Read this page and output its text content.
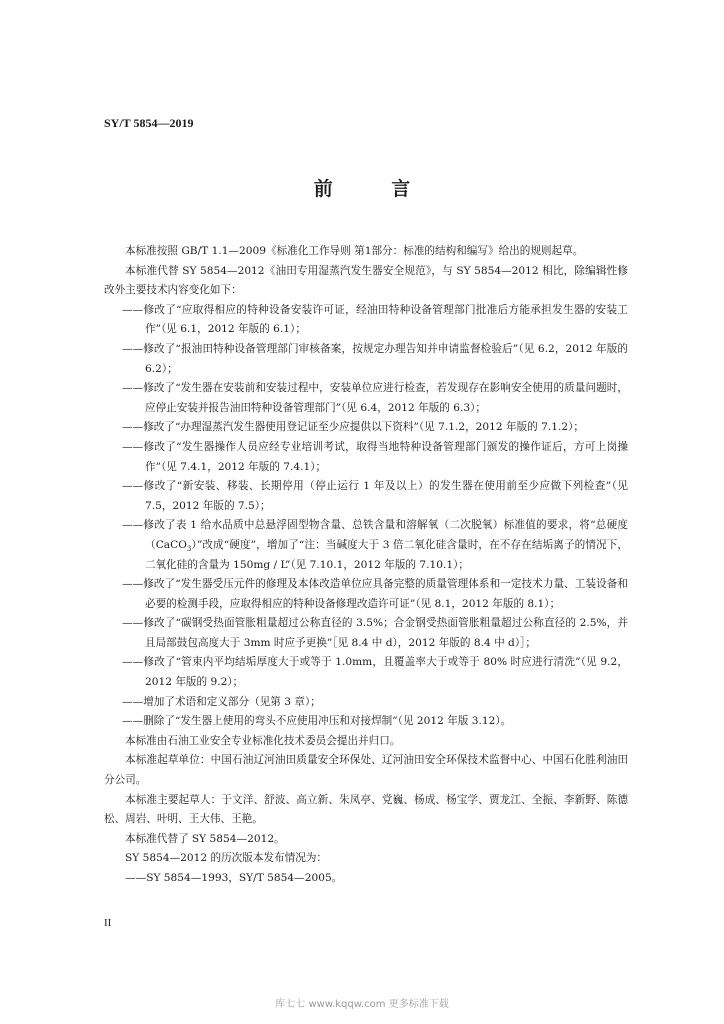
SY/T 5854—2019
前 言

本标准按照 GB/T 1.1—2009《标准化工作导则 第1部分：标准的结构和编写》给出的规则起草。

本标准代替 SY 5854—2012《油田专用湿蒸汽发生器安全规范》，与 SY 5854—2012 相比，除编辑性修改外主要技术内容变化如下：

——修改了“应取得相应的特种设备安装许可证，经油田特种设备管理部门批准后方能承担发生器的安装工作”（见 6.1，2012 年版的 6.1）；

——修改了“报油田特种设备管理部门审核备案，按规定办理告知并申请监督检验后”（见 6.2，2012 年版的 6.2）；

——修改了“发生器在安装前和安装过程中，安装单位应进行检查，若发现存在影响安全使用的质量问题时，应停止安装并报告油田特种设备管理部门”（见 6.4，2012 年版的 6.3）；

——修改了“办理湿蒸汽发生器使用登记证至少应提供以下资料”（见 7.1.2，2012 年版的 7.1.2）；

——修改了“发生器操作人员应经专业培训考试，取得当地特种设备管理部门颁发的操作证后，方可上岗操作”（见 7.4.1，2012 年版的 7.4.1）；

——修改了“新安装、移装、长期停用（停止运行 1 年及以上）的发生器在使用前至少应做下列检查”（见 7.5，2012 年版的 7.5）；

——修改了表 1 给水品质中总悬浮固型物含量、总铁含量和溶解氧（二次脱氧）标准值的要求，将“总硬度（CaCO$_3$）”改成“硬度”，增加了“注：当碱度大于 3 倍二氧化硅含量时，在不存在结垢离子的情况下，二氧化硅的含量为 150mg / L”（见 7.10.1，2012 年版的 7.10.1）；

——修改了“发生器受压元件的修理及本体改造单位应具备完整的质量管理体系和一定技术力量、工装设备和必要的检测手段，应取得相应的特种设备修理改造许可证”（见 8.1，2012 年版的 8.1）；

——修改了“碳钢受热面管胀粗量超过公称直径的 3.5%；合金钢受热面管胀粗量超过公称直径的 2.5%，并且局部鼓包高度大于 3mm 时应予更换”［见 8.4 中 d），2012 年版的 8.4 中 d）］；

——修改了“管束内平均结垢厚度大于或等于 1.0mm，且覆盖率大于或等于 80% 时应进行清洗”（见 9.2，2012 年版的 9.2）；

——增加了术语和定义部分（见第 3 章）；

——删除了“发生器上使用的弯头不应使用冲压和对接焊制”（见 2012 年版 3.12）。

本标准由石油工业安全专业标准化技术委员会提出并归口。

本标准起草单位：中国石油辽河油田质量安全环保处、辽河油田安全环保技术监督中心、中国石化胜利油田分公司。

本标准主要起草人：于文洋、舒波、高立新、朱凤亭、党巍、杨成、杨宝学、贾龙江、全振、李新野、陈德松、周岩、叶明、王大伟、王艳。

本标准代替了 SY 5854—2012。

SY 5854—2012 的历次版本发布情况为：

——SY 5854—1993，SY/T 5854—2005。

II
库七七 www.kqqw.com 更多标准下载
